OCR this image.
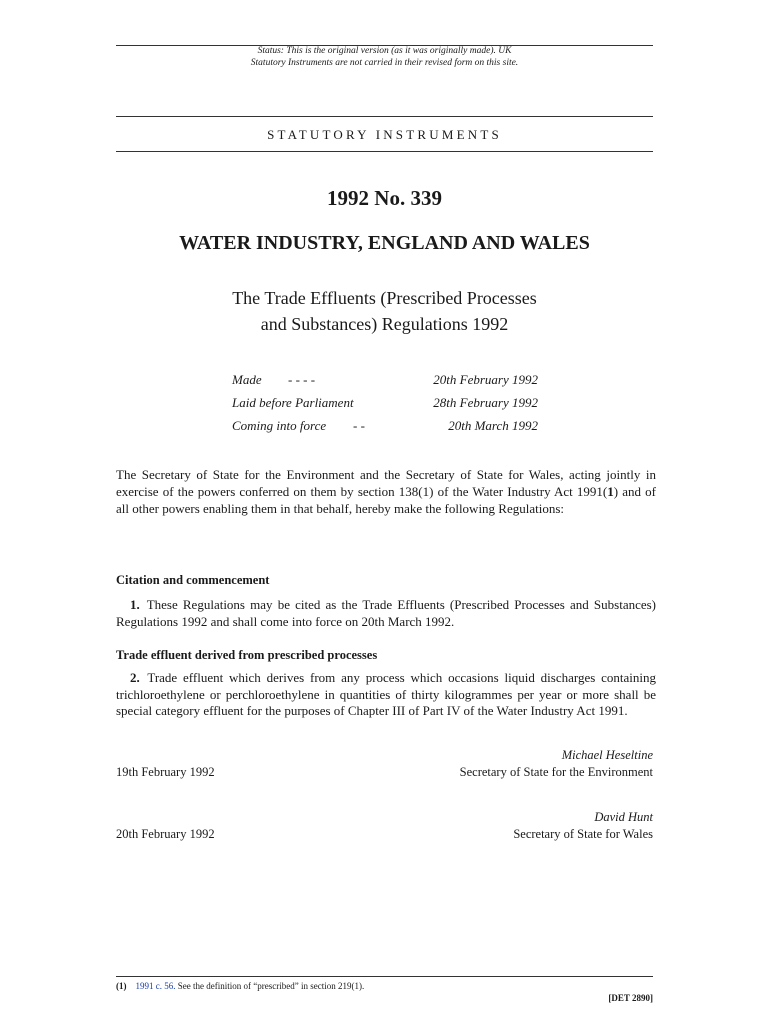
Status: This is the original version (as it was originally made). UK
Statutory Instruments are not carried in their revised form on this site.
STATUTORY INSTRUMENTS
1992 No. 339
WATER INDUSTRY, ENGLAND AND WALES
The Trade Effluents (Prescribed Processes
and Substances) Regulations 1992
Made - - - -	20th February 1992
Laid before Parliament	28th February 1992
Coming into force - -	20th March 1992
The Secretary of State for the Environment and the Secretary of State for Wales, acting jointly in exercise of the powers conferred on them by section 138(1) of the Water Industry Act 1991(1) and of all other powers enabling them in that behalf, hereby make the following Regulations:
Citation and commencement
1. These Regulations may be cited as the Trade Effluents (Prescribed Processes and Substances) Regulations 1992 and shall come into force on 20th March 1992.
Trade effluent derived from prescribed processes
2. Trade effluent which derives from any process which occasions liquid discharges containing trichloroethylene or perchloroethylene in quantities of thirty kilogrammes per year or more shall be special category effluent for the purposes of Chapter III of Part IV of the Water Industry Act 1991.
Michael Heseltine
19th February 1992	Secretary of State for the Environment
David Hunt
20th February 1992	Secretary of State for Wales
(1) 1991 c. 56. See the definition of “prescribed” in section 219(1).
[DET 2890]
